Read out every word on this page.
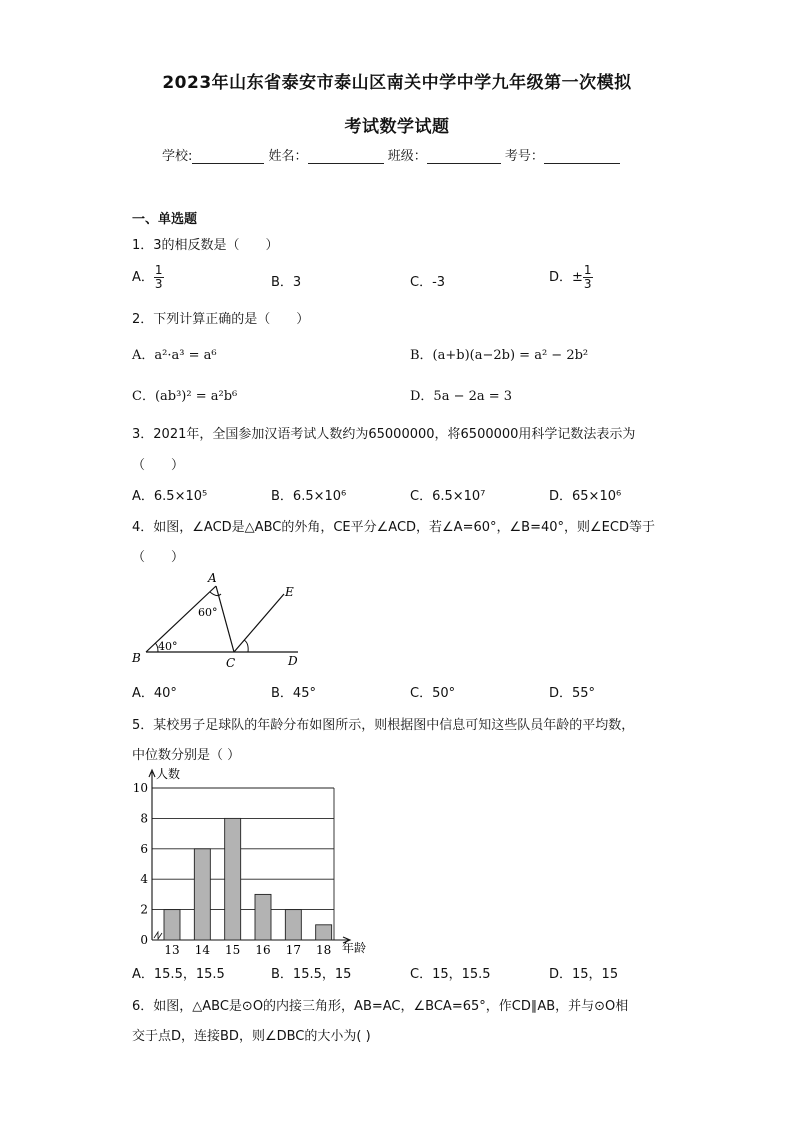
2023年山东省泰安市泰山区南关中学中学九年级第一次模拟
考试数学试题
学校:	姓名：	班级：	考号：
一、单选题
1．3的相反数是（　　）
A． $\frac{1}{3}$	B．3	C．-3	D．± $\frac{1}{3}$
2．下列计算正确的是（　　）
A．a²·a³ = a⁶	B．(a+b)(a−2b) = a² − 2b²
C．(ab³)² = a²b⁶	D．5a − 2a = 3
3．2021年，全国参加汉语考试人数约为65000000，将6500000用科学记数法表示为
（　　）
A．6.5×10⁵	B．6.5×10⁶	C．6.5×10⁷	D．65×10⁶
4．如图，∠ACD是△ABC的外角，CE平分∠ACD，若∠A=60°，∠B=40°，则∠ECD等于
（　　）
A
B	C	D
E
60°
40°
A．40°	B．45°	C．50°	D．55°
5．某校男子足球队的年龄分布如图所示，则根据图中信息可知这些队员年龄的平均数，
中位数分别是（ ）
0
2
4
6
8
10
13 14 15 16 17 18
人数
年龄
A．15.5，15.5	B．15.5，15	C．15，15.5	D．15，15
6．如图，△ABC是⊙O的内接三角形，AB=AC，∠BCA=65°，作CD∥AB，并与⊙O相
交于点D，连接BD，则∠DBC的大小为( )
